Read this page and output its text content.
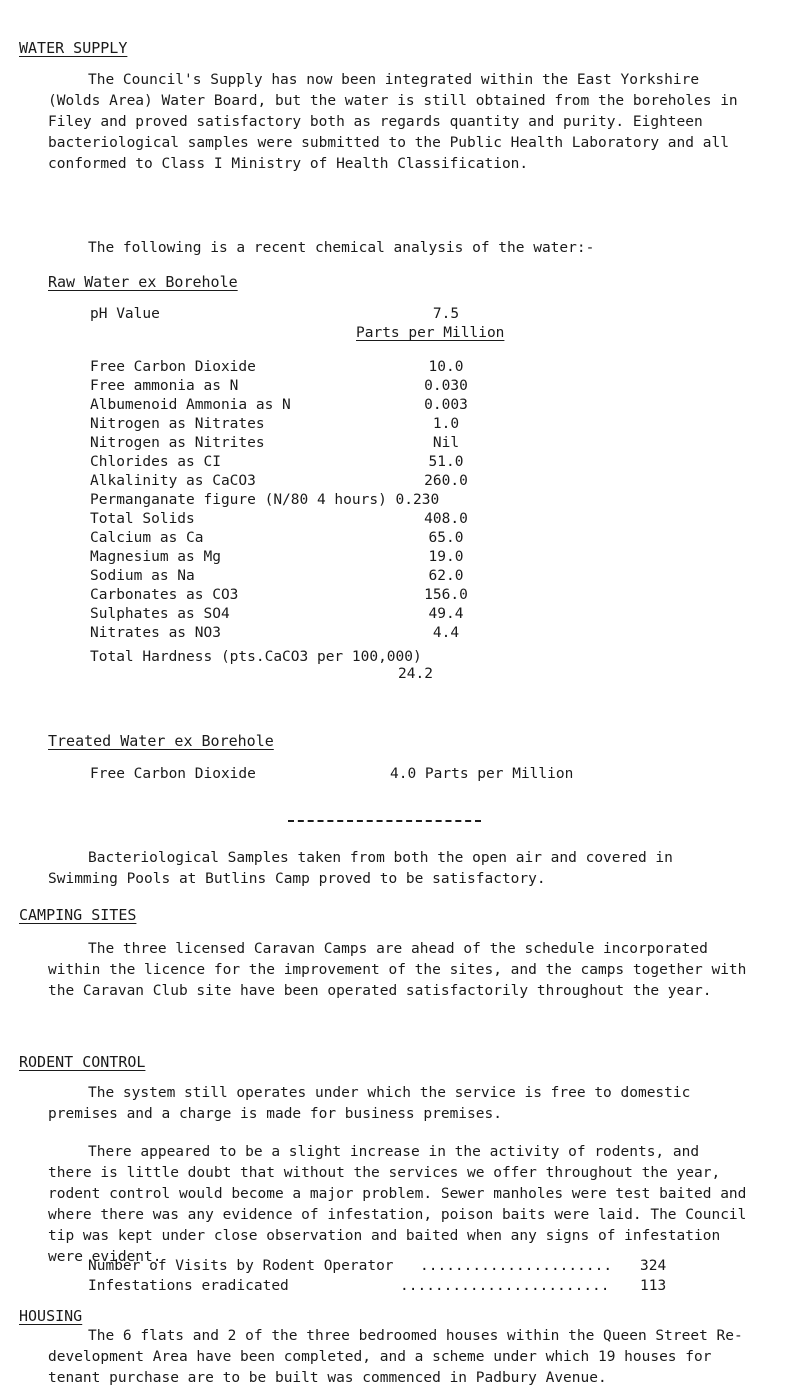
WATER SUPPLY
The Council's Supply has now been integrated within the East Yorkshire (Wolds Area) Water Board, but the water is still obtained from the boreholes in Filey and proved satisfactory both as regards quantity and purity. Eighteen bacteriological samples were submitted to the Public Health Laboratory and all conformed to Class I Ministry of Health Classification.
The following is a recent chemical analysis of the water:-
Raw Water ex Borehole
pH Value	7.5
Parts per Million
Free Carbon Dioxide	10.0
Free ammonia as N	0.030
Albumenoid Ammonia as N	0.003
Nitrogen as Nitrates	1.0
Nitrogen as Nitrites	Nil
Chlorides as CI	51.0
Alkalinity as CaCO3	260.0
Permanganate figure (N/80 4 hours) 0.230
Total Solids	408.0
Calcium as Ca	65.0
Magnesium as Mg	19.0
Sodium as Na	62.0
Carbonates as CO3	156.0
Sulphates as SO4	49.4
Nitrates as NO3	4.4
Total Hardness (pts.CaCO3 per 100,000)
24.2
Treated Water ex Borehole
Free Carbon Dioxide	4.0 Parts per Million
Bacteriological Samples taken from both the open air and covered in Swimming Pools at Butlins Camp proved to be satisfactory.
CAMPING SITES
The three licensed Caravan Camps are ahead of the schedule incorporated within the licence for the improvement of the sites, and the camps together with the Caravan Club site have been operated satisfactorily throughout the year.
RODENT CONTROL
The system still operates under which the service is free to domestic premises and a charge is made for business premises.
There appeared to be a slight increase in the activity of rodents, and there is little doubt that without the services we offer throughout the year, rodent control would become a major problem. Sewer manholes were test baited and where there was any evidence of infestation, poison baits were laid. The Council tip was kept under close observation and baited when any signs of infestation were evident.
Number of Visits by Rodent Operator ...................... 324
Infestations eradicated	........................ 113
HOUSING
The 6 flats and 2 of the three bedroomed houses within the Queen Street Re-development Area have been completed, and a scheme under which 19 houses for tenant purchase are to be built was commenced in Padbury Avenue.
